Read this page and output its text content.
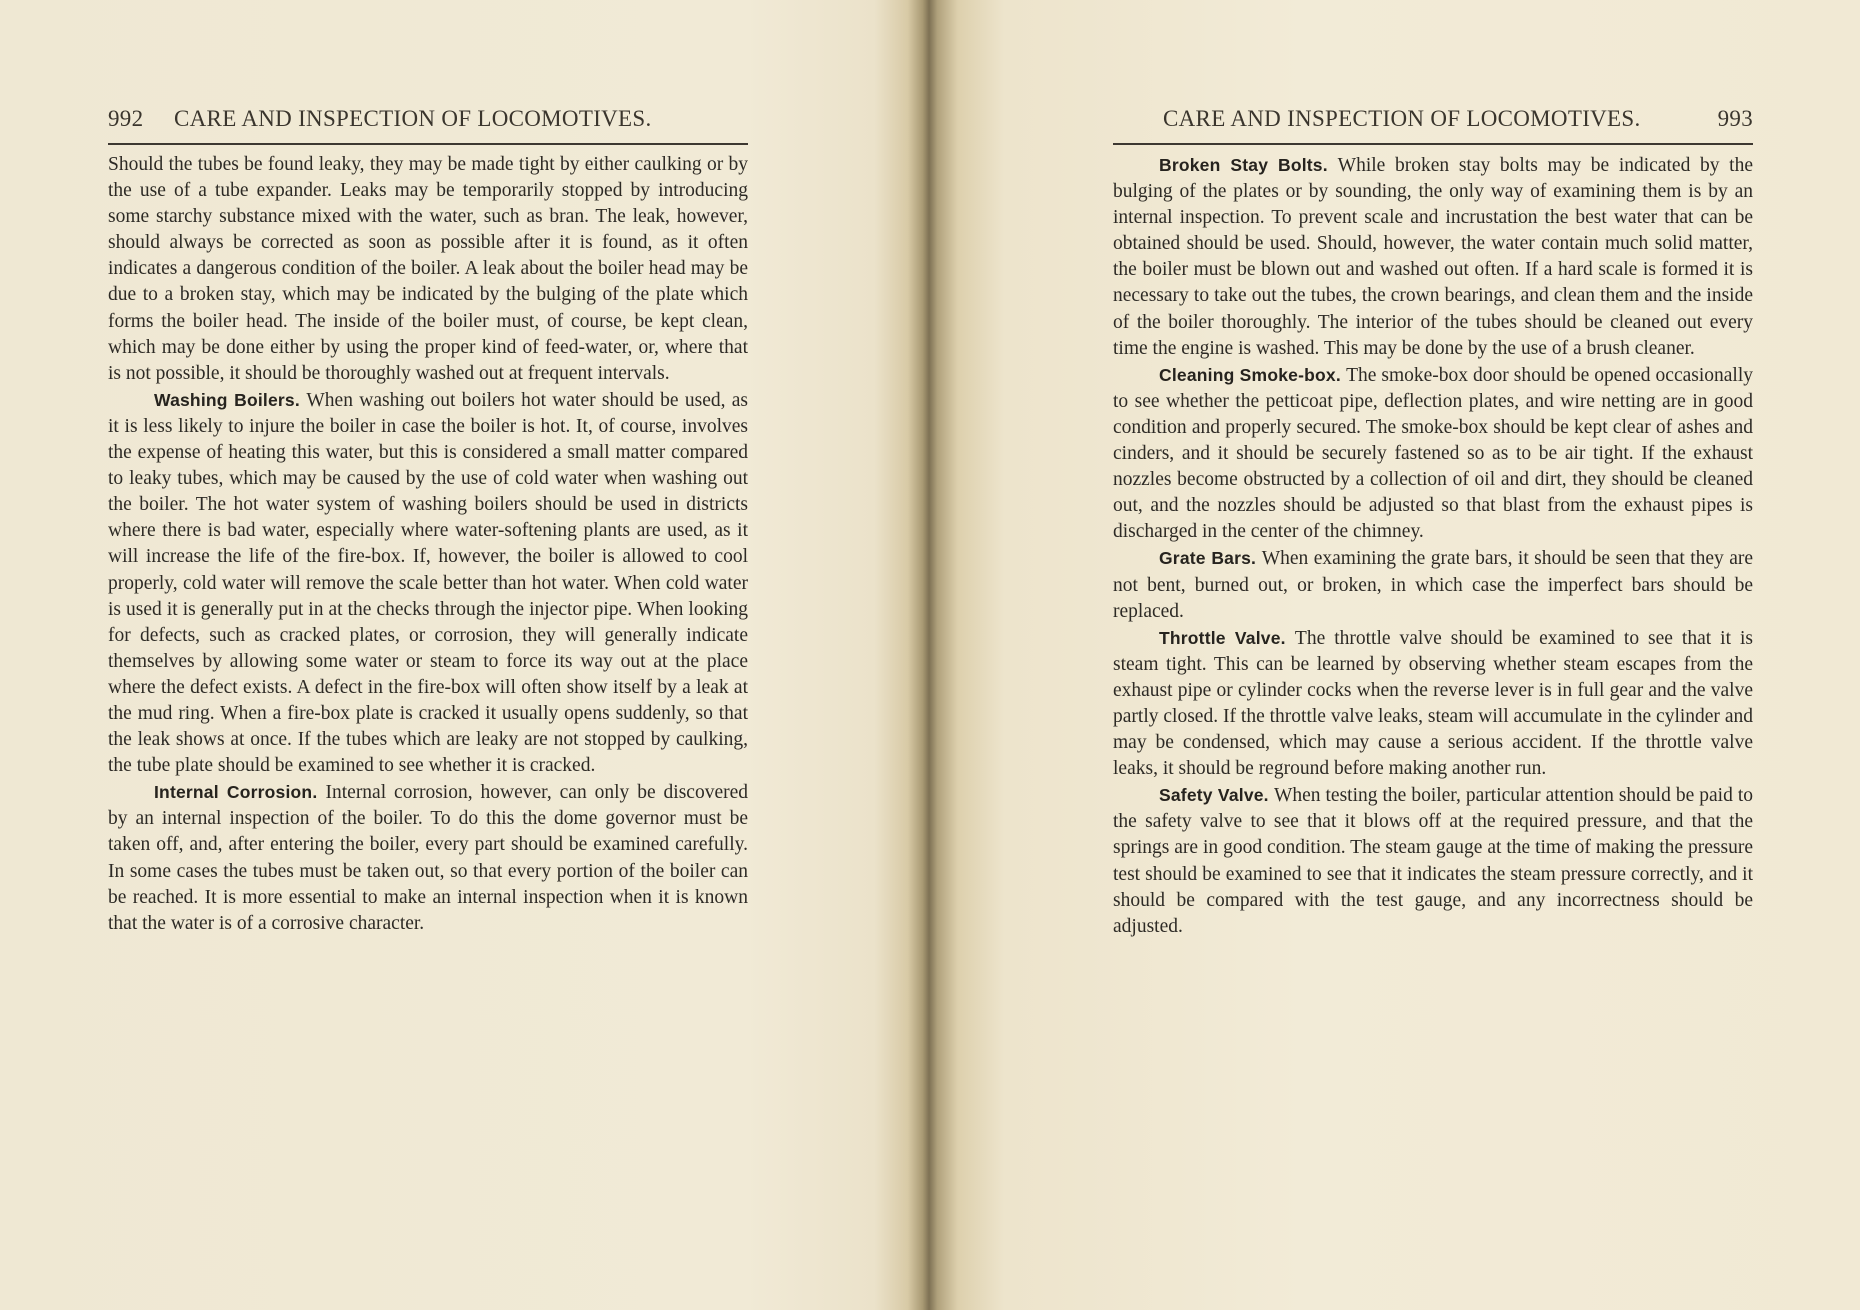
992 CARE AND INSPECTION OF LOCOMOTIVES.

Should the tubes be found leaky, they may be made tight by either caulking or by the use of a tube expander. Leaks may be temporarily stopped by introducing some starchy substance mixed with the water, such as bran. The leak, however, should always be corrected as soon as possible after it is found, as it often indicates a dangerous condition of the boiler. A leak about the boiler head may be due to a broken stay, which may be indicated by the bulging of the plate which forms the boiler head. The inside of the boiler must, of course, be kept clean, which may be done either by using the proper kind of feed-water, or, where that is not possible, it should be thoroughly washed out at frequent intervals.

Washing Boilers. When washing out boilers hot water should be used, as it is less likely to injure the boiler in case the boiler is hot. It, of course, involves the expense of heating this water, but this is considered a small matter compared to leaky tubes, which may be caused by the use of cold water when washing out the boiler. The hot water system of washing boilers should be used in districts where there is bad water, especially where water-softening plants are used, as it will increase the life of the fire-box. If, however, the boiler is allowed to cool properly, cold water will remove the scale better than hot water. When cold water is used it is generally put in at the checks through the injector pipe. When looking for defects, such as cracked plates, or corrosion, they will generally indicate themselves by allowing some water or steam to force its way out at the place where the defect exists. A defect in the fire-box will often show itself by a leak at the mud ring. When a fire-box plate is cracked it usually opens suddenly, so that the leak shows at once. If the tubes which are leaky are not stopped by caulking, the tube plate should be examined to see whether it is cracked.

Internal Corrosion. Internal corrosion, however, can only be discovered by an internal inspection of the boiler. To do this the dome governor must be taken off, and, after entering the boiler, every part should be examined carefully. In some cases the tubes must be taken out, so that every portion of the boiler can be reached. It is more essential to make an internal inspection when it is known that the water is of a corrosive character.

CARE AND INSPECTION OF LOCOMOTIVES.	993

Broken Stay Bolts. While broken stay bolts may be indicated by the bulging of the plates or by sounding, the only way of examining them is by an internal inspection. To prevent scale and incrustation the best water that can be obtained should be used. Should, however, the water contain much solid matter, the boiler must be blown out and washed out often. If a hard scale is formed it is necessary to take out the tubes, the crown bearings, and clean them and the inside of the boiler thoroughly. The interior of the tubes should be cleaned out every time the engine is washed. This may be done by the use of a brush cleaner.

Cleaning Smoke-box. The smoke-box door should be opened occasionally to see whether the petticoat pipe, deflection plates, and wire netting are in good condition and properly secured. The smoke-box should be kept clear of ashes and cinders, and it should be securely fastened so as to be air tight. If the exhaust nozzles become obstructed by a collection of oil and dirt, they should be cleaned out, and the nozzles should be adjusted so that blast from the exhaust pipes is discharged in the center of the chimney.

Grate Bars. When examining the grate bars, it should be seen that they are not bent, burned out, or broken, in which case the imperfect bars should be replaced.

Throttle Valve. The throttle valve should be examined to see that it is steam tight. This can be learned by observing whether steam escapes from the exhaust pipe or cylinder cocks when the reverse lever is in full gear and the valve partly closed. If the throttle valve leaks, steam will accumulate in the cylinder and may be condensed, which may cause a serious accident. If the throttle valve leaks, it should be reground before making another run.

Safety Valve. When testing the boiler, particular attention should be paid to the safety valve to see that it blows off at the required pressure, and that the springs are in good condition. The steam gauge at the time of making the pressure test should be examined to see that it indicates the steam pressure correctly, and it should be compared with the test gauge, and any incorrectness should be adjusted.
